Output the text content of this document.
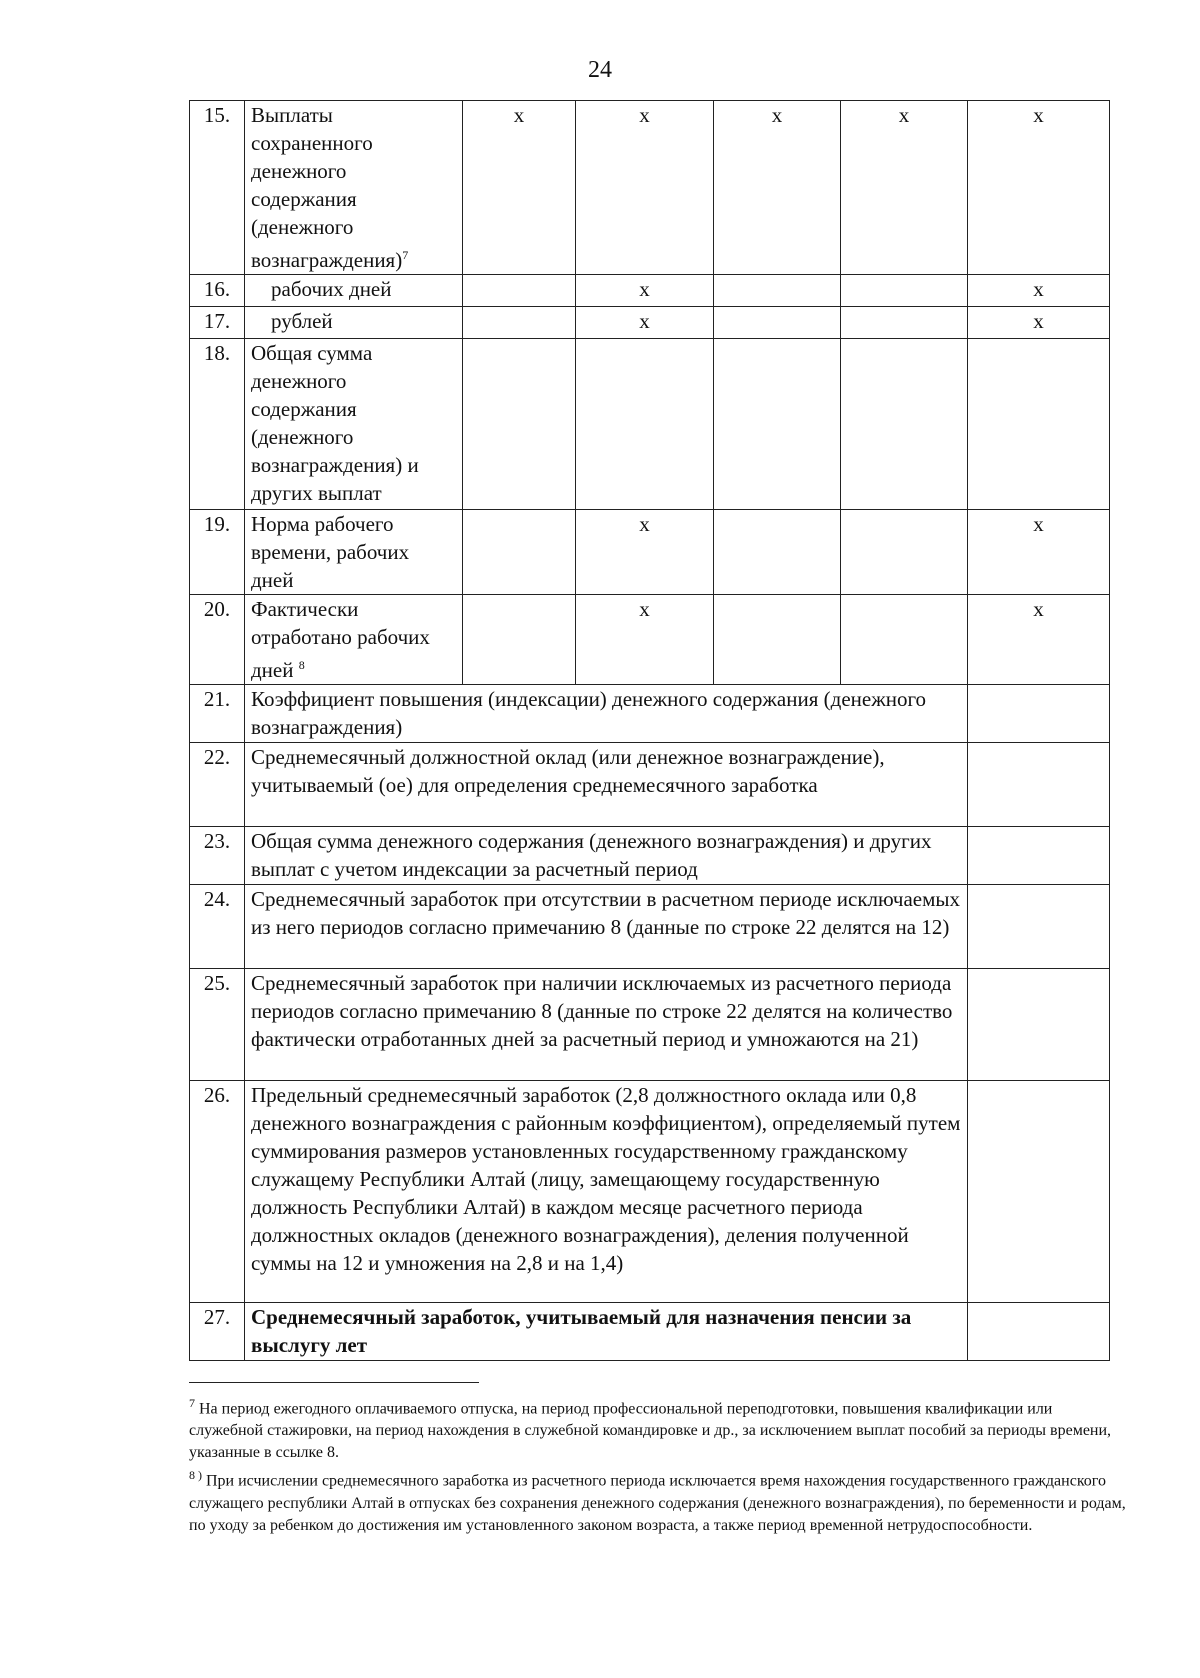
24
15.	Выплаты сохраненного денежного содержания (денежного вознаграждения)$^7$	x	x	x	x	x
16.	рабочих дней		x			x
17.	рублей		x			x
18.	Общая сумма денежного содержания (денежного вознаграждения) и других выплат					
19.	Норма рабочего времени, рабочих дней		x			x
20.	Фактически отработано рабочих дней $^8$		x			x
21.	Коэффициент повышения (индексации) денежного содержания (денежного вознаграждения)					
22.	Среднемесячный должностной оклад (или денежное вознаграждение), учитываемый (ое) для определения среднемесячного заработка					
23.	Общая сумма денежного содержания (денежного вознаграждения) и других выплат с учетом индексации за расчетный период					
24.	Среднемесячный заработок при отсутствии в расчетном периоде исключаемых из него периодов согласно примечанию 8 (данные по строке 22 делятся на 12)					
25.	Среднемесячный заработок при наличии исключаемых из расчетного периода периодов согласно примечанию 8 (данные по строке 22 делятся на количество фактически отработанных дней за расчетный период и умножаются на 21)					
26.	Предельный среднемесячный заработок (2,8 должностного оклада или 0,8 денежного вознаграждения с районным коэффициентом), определяемый путем суммирования размеров установленных государственному гражданскому служащему Республики Алтай (лицу, замещающему государственную должность Республики Алтай) в каждом месяце расчетного периода должностных окладов (денежного вознаграждения), деления полученной суммы на 12 и умножения на 2,8 и на 1,4)					
27.	Среднемесячный заработок, учитываемый для назначения пенсии за выслугу лет					

$^7$ На период ежегодного оплачиваемого отпуска, на период профессиональной переподготовки, повышения квалификации или служебной стажировки, на период нахождения в служебной командировке и др., за исключением выплат пособий за периоды времени, указанные в ссылке 8.

$^{8 )}$ При исчислении среднемесячного заработка из расчетного периода исключается время нахождения государственного гражданского служащего республики Алтай в отпусках без сохранения денежного содержания (денежного вознаграждения), по беременности и родам, по уходу за ребенком до достижения им установленного законом возраста, а также период временной нетрудоспособности.
